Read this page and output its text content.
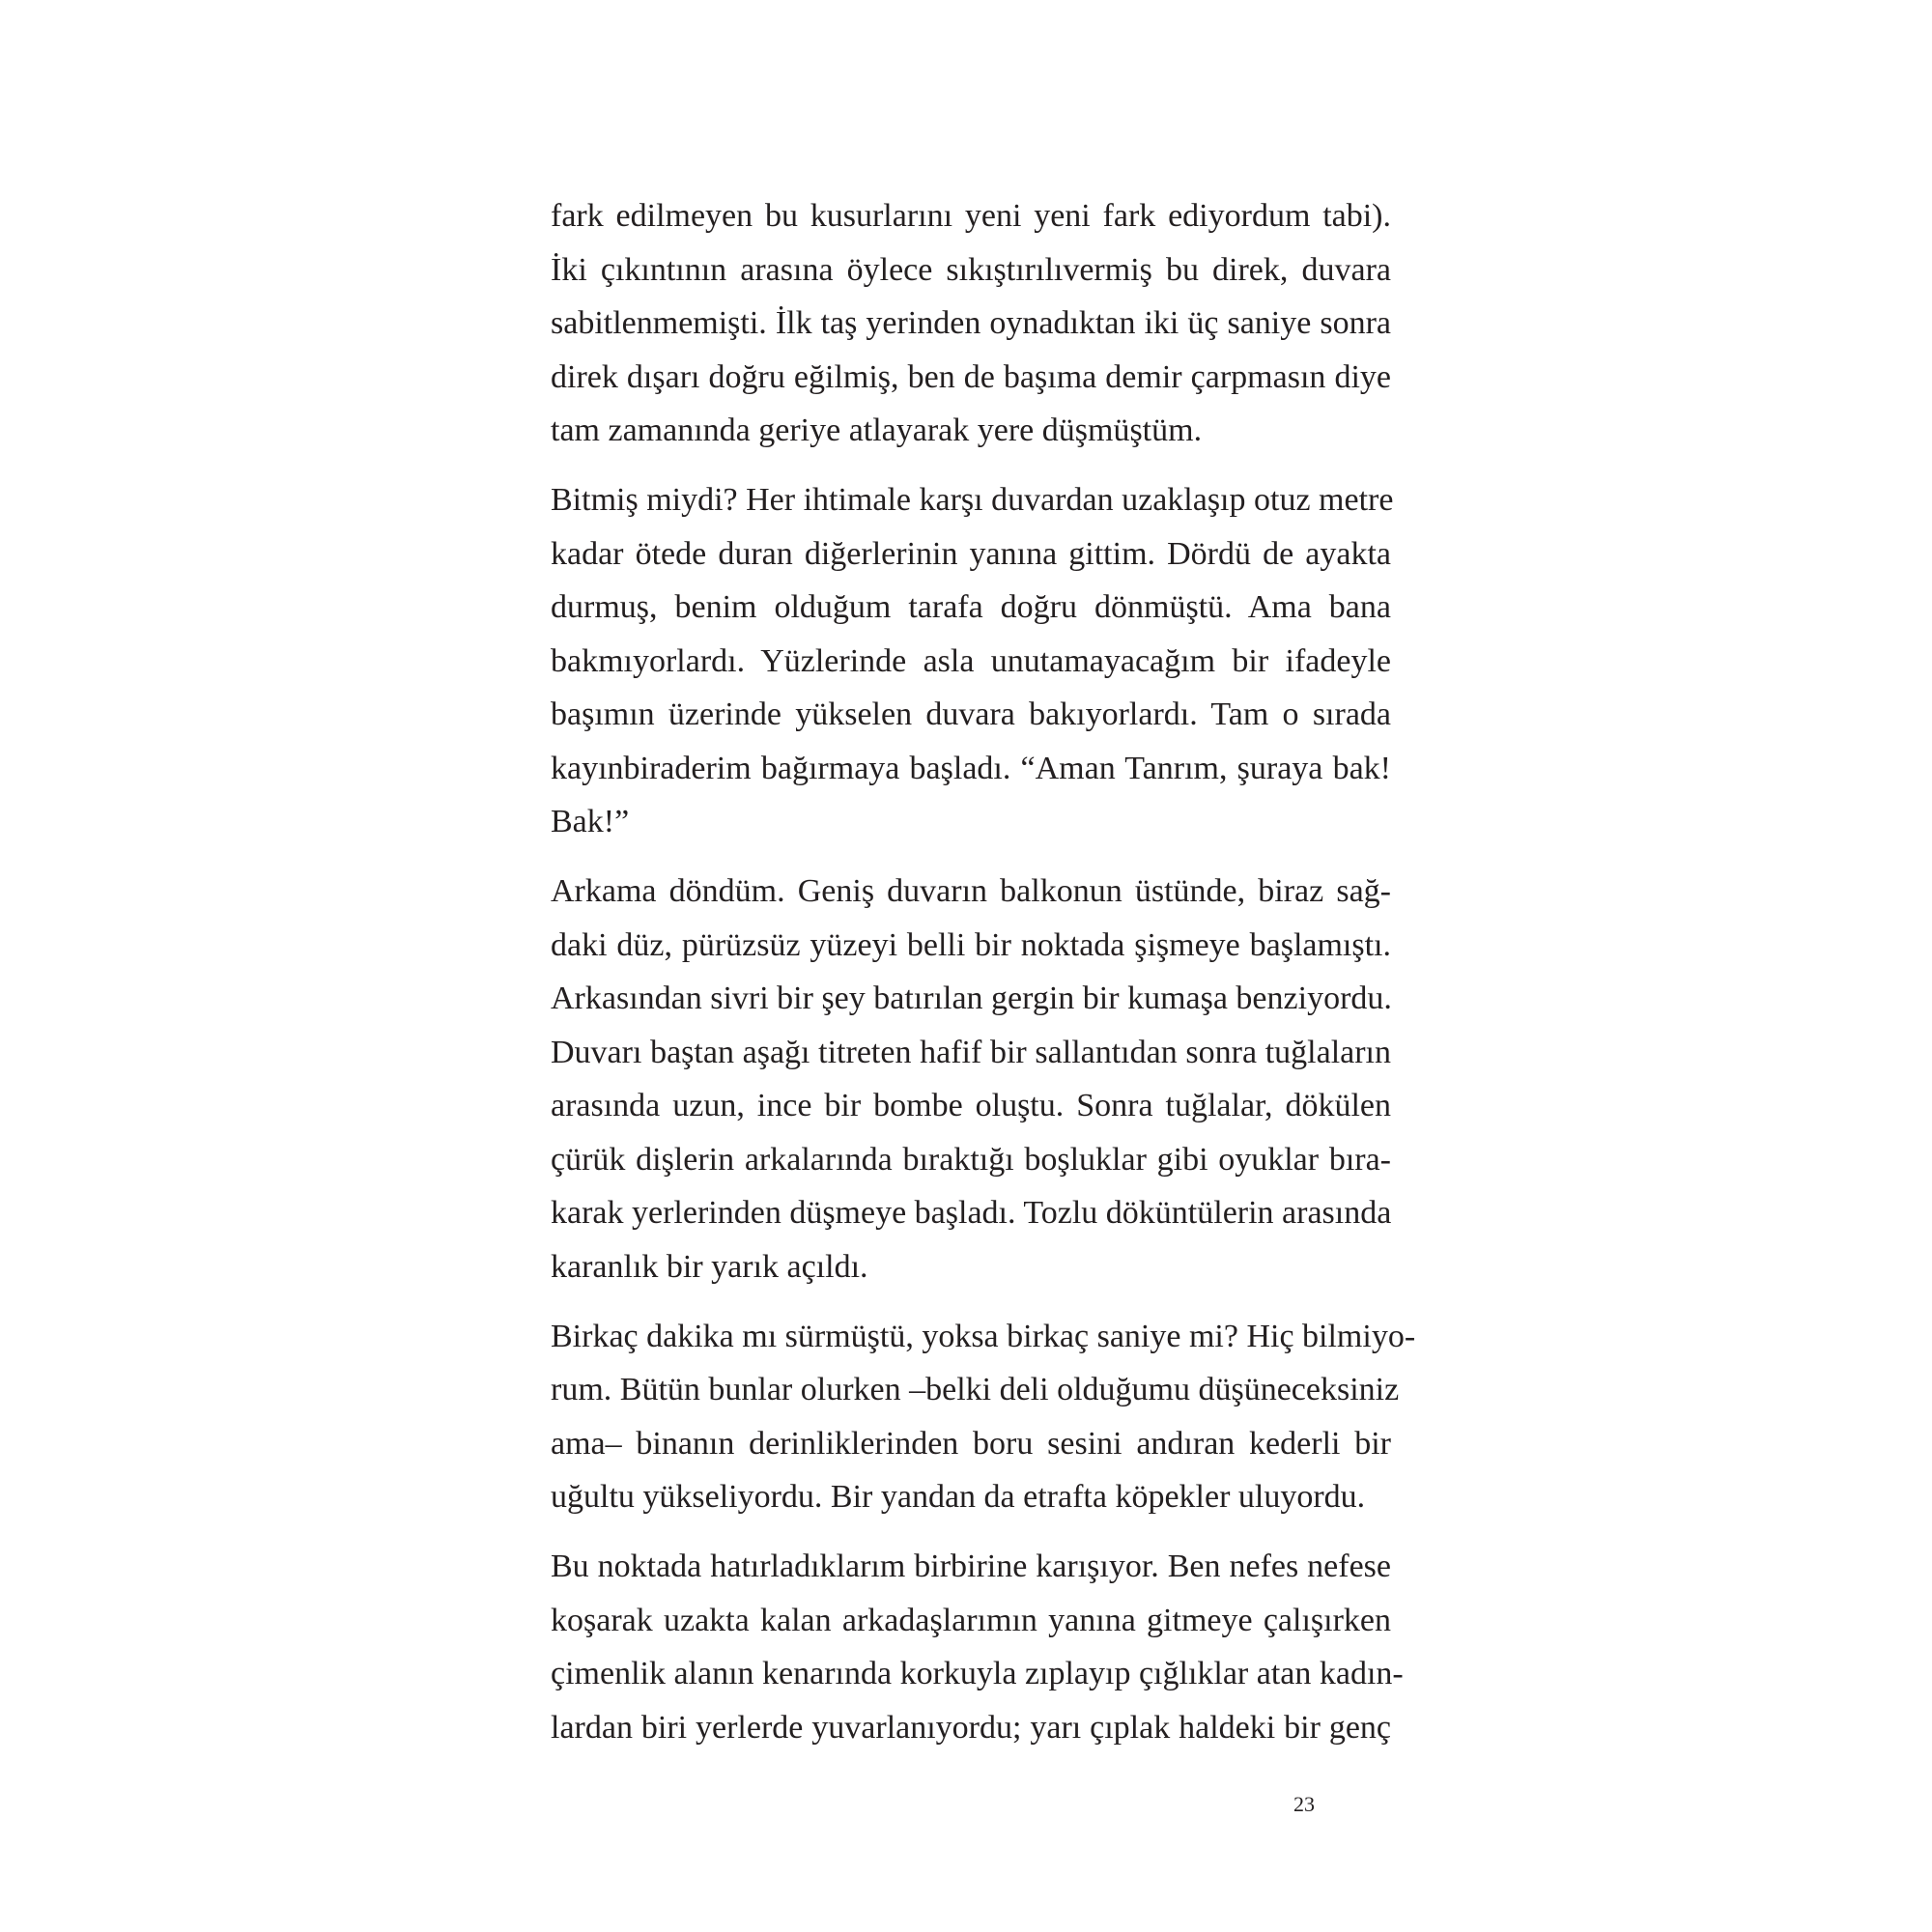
fark edilmeyen bu kusurlarını yeni yeni fark ediyordum tabi).
İki çıkıntının arasına öylece sıkıştırılıvermiş bu direk, duvara
sabitlenmemişti. İlk taş yerinden oynadıktan iki üç saniye sonra
direk dışarı doğru eğilmiş, ben de başıma demir çarpmasın diye
tam zamanında geriye atlayarak yere düşmüştüm.
Bitmiş miydi? Her ihtimale karşı duvardan uzaklaşıp otuz metre
kadar ötede duran diğerlerinin yanına gittim. Dördü de ayakta
durmuş, benim olduğum tarafa doğru dönmüştü. Ama bana
bakmıyorlardı. Yüzlerinde asla unutamayacağım bir ifadeyle
başımın üzerinde yükselen duvara bakıyorlardı. Tam o sırada
kayınbiraderim bağırmaya başladı. “Aman Tanrım, şuraya bak!
Bak!”
Arkama döndüm. Geniş duvarın balkonun üstünde, biraz sağ-
daki düz, pürüzsüz yüzeyi belli bir noktada şişmeye başlamıştı.
Arkasından sivri bir şey batırılan gergin bir kumaşa benziyordu.
Duvarı baştan aşağı titreten hafif bir sallantıdan sonra tuğlaların
arasında uzun, ince bir bombe oluştu. Sonra tuğlalar, dökülen
çürük dişlerin arkalarında bıraktığı boşluklar gibi oyuklar bıra-
karak yerlerinden düşmeye başladı. Tozlu döküntülerin arasında
karanlık bir yarık açıldı.
Birkaç dakika mı sürmüştü, yoksa birkaç saniye mi? Hiç bilmiyo-
rum. Bütün bunlar olurken –belki deli olduğumu düşüneceksiniz
ama– binanın derinliklerinden boru sesini andıran kederli bir
uğultu yükseliyordu. Bir yandan da etrafta köpekler uluyordu.
Bu noktada hatırladıklarım birbirine karışıyor. Ben nefes nefese
koşarak uzakta kalan arkadaşlarımın yanına gitmeye çalışırken
çimenlik alanın kenarında korkuyla zıplayıp çığlıklar atan kadın-
lardan biri yerlerde yuvarlanıyordu; yarı çıplak haldeki bir genç
23
